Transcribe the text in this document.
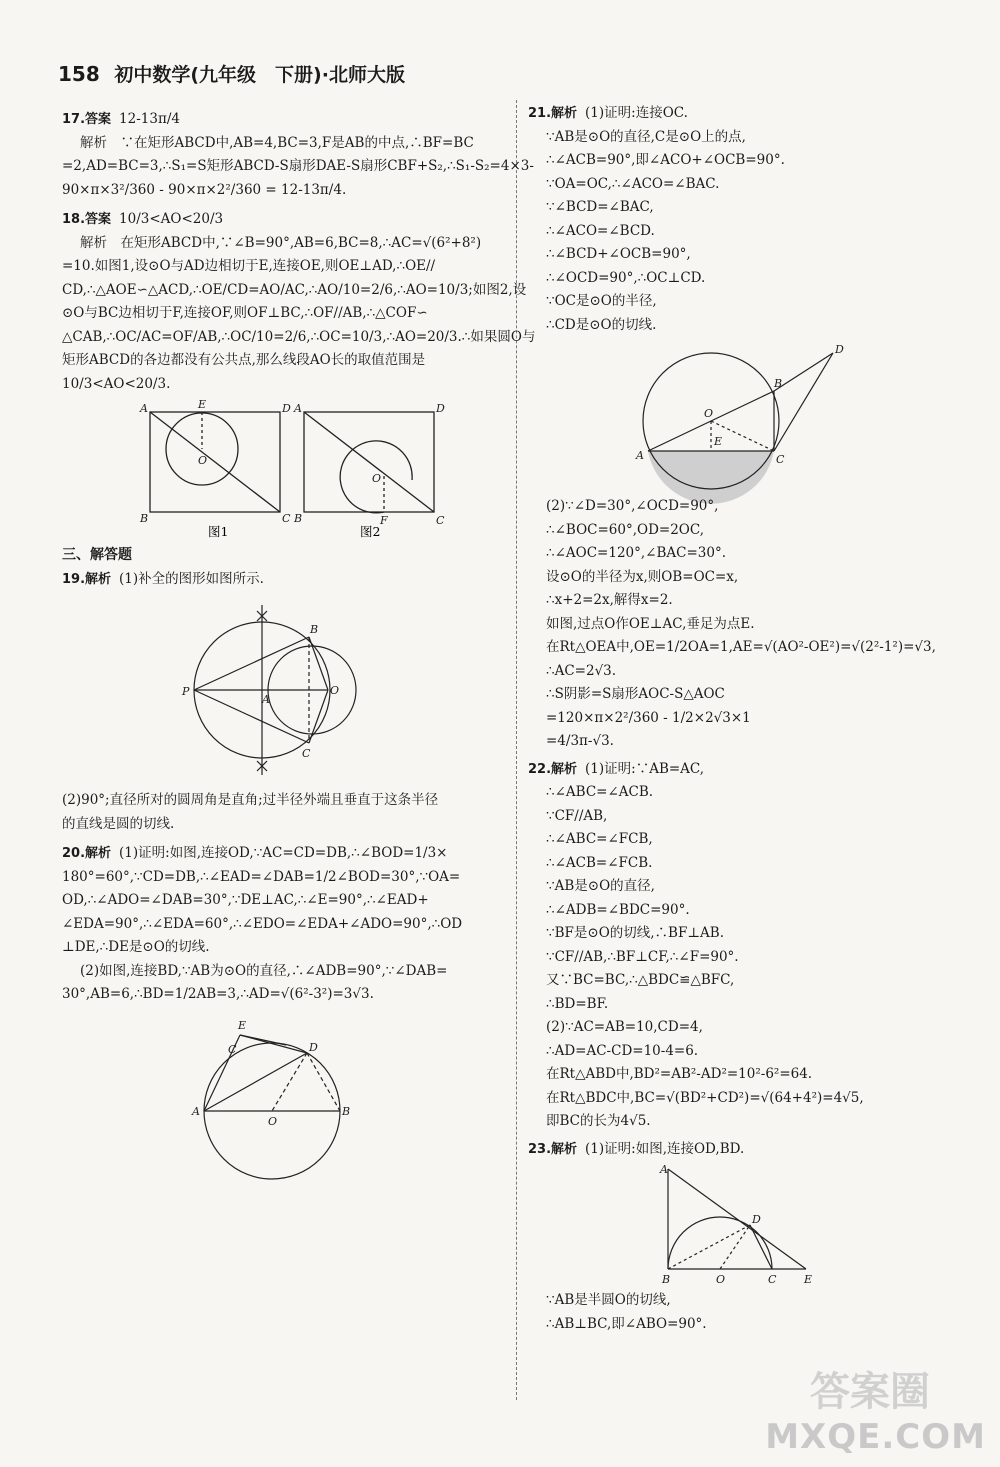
158 初中数学(九年级　下册)·北师大版
17.答案 12-13π/4
解析　∵在矩形ABCD中,AB=4,BC=3,F是AB的中点,∴BF=BC
=2,AD=BC=3,∴S₁=S矩形ABCD-S扇形DAE-S扇形CBF+S₂,∴S₁-S₂=4×3-
90×π×3²/360 - 90×π×2²/360 = 12-13π/4.
18.答案 10/3<AO<20/3
解析　在矩形ABCD中,∵∠B=90°,AB=6,BC=8,∴AC=√(6²+8²)
=10.如图1,设⊙O与AD边相切于E,连接OE,则OE⊥AD,∴OE//
CD,∴△AOE∽△ACD,∴OE/CD=AO/AC,∴AO/10=2/6,∴AO=10/3;如图2,设
⊙O与BC边相切于F,连接OF,则OF⊥BC,∴OF//AB,∴△COF∽
△CAB,∴OC/AC=OF/AB,∴OC/10=2/6,∴OC=10/3,∴AO=20/3.∴如果圆O与
矩形ABCD的各边都没有公共点,那么线段AO长的取值范围是
10/3<AO<20/3.
A	E	D
O
B	C
A	D
O
B	F	C
图1	图2
三、解答题
19.解析 (1)补全的图形如图所示.
P
B
A
O
C
(2)90°;直径所对的圆周角是直角;过半径外端且垂直于这条半径
的直线是圆的切线.
20.解析 (1)证明:如图,连接OD,∵AC=CD=DB,∴∠BOD=1/3×
180°=60°,∵CD=DB,∴∠EAD=∠DAB=1/2∠BOD=30°,∵OA=
OD,∴∠ADO=∠DAB=30°,∵DE⊥AC,∴∠E=90°,∴∠EAD+
∠EDA=90°,∴∠EDA=60°,∴∠EDO=∠EDA+∠ADO=90°,∴OD
⊥DE,∴DE是⊙O的切线.
(2)如图,连接BD,∵AB为⊙O的直径,∴∠ADB=90°,∵∠DAB=
30°,AB=6,∴BD=1/2AB=3,∴AD=√(6²-3²)=3√3.
A	B
O
C
E
D
21.解析 (1)证明:连接OC.
∵AB是⊙O的直径,C是⊙O上的点,
∴∠ACB=90°,即∠ACO+∠OCB=90°.
∵OA=OC,∴∠ACO=∠BAC.
∵∠BCD=∠BAC,
∴∠ACO=∠BCD.
∴∠BCD+∠OCB=90°,
∴∠OCD=90°,∴OC⊥CD.
∵OC是⊙O的半径,
∴CD是⊙O的切线.
A
B
C
D
O
E
(2)∵∠D=30°,∠OCD=90°,
∴∠BOC=60°,OD=2OC,
∴∠AOC=120°,∠BAC=30°.
设⊙O的半径为x,则OB=OC=x,
∴x+2=2x,解得x=2.
如图,过点O作OE⊥AC,垂足为点E.
在Rt△OEA中,OE=1/2OA=1,AE=√(AO²-OE²)=√(2²-1²)=√3,
∴AC=2√3.
∴S阴影=S扇形AOC-S△AOC
=120×π×2²/360 - 1/2×2√3×1
=4/3π-√3.
22.解析 (1)证明:∵AB=AC,
∴∠ABC=∠ACB.
∵CF//AB,
∴∠ABC=∠FCB,
∴∠ACB=∠FCB.
∵AB是⊙O的直径,
∴∠ADB=∠BDC=90°.
∵BF是⊙O的切线,∴BF⊥AB.
∵CF//AB,∴BF⊥CF,∴∠F=90°.
又∵BC=BC,∴△BDC≌△BFC,
∴BD=BF.
(2)∵AC=AB=10,CD=4,
∴AD=AC-CD=10-4=6.
在Rt△ABD中,BD²=AB²-AD²=10²-6²=64.
在Rt△BDC中,BC=√(BD²+CD²)=√(64+4²)=4√5,
即BC的长为4√5.
23.解析 (1)证明:如图,连接OD,BD.
A
B	O	C	E
D
∵AB是半圆O的切线,
∴AB⊥BC,即∠ABO=90°.
答案圈
MXQE.COM
